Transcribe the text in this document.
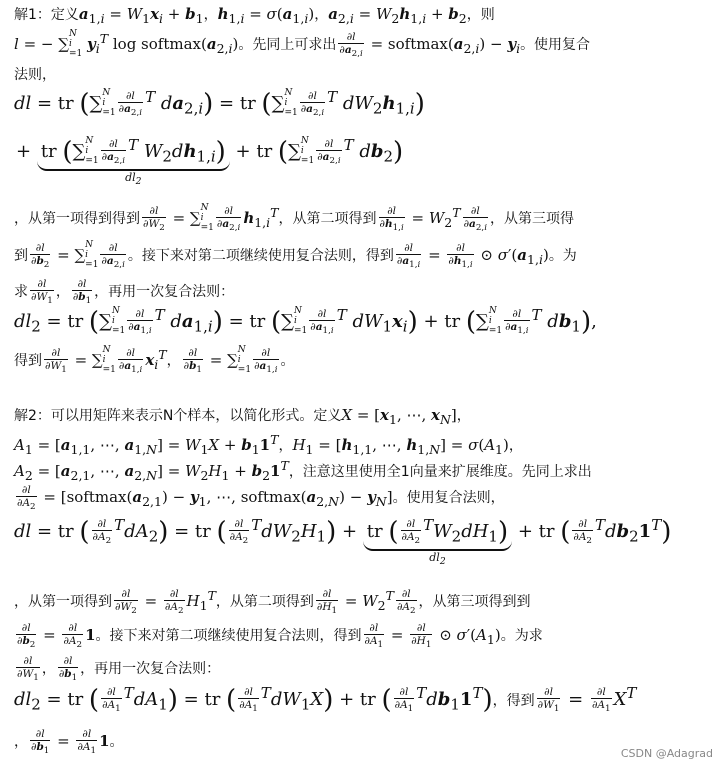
解1：定义$a_{1,i} = W_1x_i + b_1$，$h_{1,i} = \sigma(a_{1,i})$，$a_{2,i} = W_2h_{1,i} + b_2$，则
l = − ∑
N
i
=1
$y_i^T$ $\log softmax(a_{2,i})$。先同上可求出 $\frac{\partial l}{\partial a_{2,i}}$ = $softmax(a_{2,i}) - y_i$。使用复合
法则，
dl = tr (∑ N
i
$=1 \frac{\partial l}{\partial a_{2,i}} ^T$ $da_{2,i}$) = tr (∑ N
i
$=1 \frac{\partial l}{\partial a_{2,i}} ^T$ $dW_2h_{1,i}$)
+ tr (∑ N
i
$=1 \frac{\partial l}{\partial a_{2,i}} ^T$ $W_2dh_{1,i}$)
$dl_2$
+ tr (∑ N
i
$=1 \frac{\partial l}{\partial a_{2,i}} ^T$ $db_2$)
，从第一项得到得到 $\frac{\partial l}{\partial W_2}$ = ∑
N
i
$=1 \frac{\partial l}{\partial a_{2,i}} h_{1,i}^T$，从第二项得到 $\frac{\partial l}{\partial h_{1,i}} = W_2^T \frac{\partial l}{\partial a_{2,i}}$ ，从第三项得
到 $\frac{\partial l}{\partial b_2}$ = ∑
N
i
$=1 \frac{\partial l}{\partial a_{2,i}}$ 。接下来对第二项继续使用复合法则，得到 $\frac{\partial l}{\partial a_{1,i}} = \frac{\partial l}{\partial h_{1,i}}$ ⊙ $\sigma'(a_{1,i})$。为
求 $\frac{\partial l}{\partial W_1}$ ， $\frac{\partial l}{\partial b_1}$ ，再用一次复合法则：
$dl_2$ = tr (∑ N
i
$=1 \frac{\partial l}{\partial a_{1,i}} ^T$ $da_{1,i}$) = tr (∑ N
i
$=1 \frac{\partial l}{\partial a_{1,i}} ^T$ $dW_1x_i$) + tr (∑ N
i
$=1 \frac{\partial l}{\partial a_{1,i}} ^T$ $db_1$),
得到 $\frac{\partial l}{\partial W_1}$ = ∑
N
i
$=1 \frac{\partial l}{\partial a_{1,i}} x_i^T$， $\frac{\partial l}{\partial b_1}$ = ∑
N
i
$=1 \frac{\partial l}{\partial a_{1,i}}$ 。
解2：可以用矩阵来表示N个样本，以简化形式。定义$X = [x_1$, ⋯, $x_N$]，
$A_1 = [a_{1,1}$, ⋯, $a_{1,N}] = W_1X + b_11^T$，$H_1 = [h_{1,1}$, ⋯, $h_{1,N}] = \sigma(A_1)$，
$A_2 = [a_{2,1}$, ⋯, $a_{2,N}] = W_2H_1 + b_21^T$，注意这里使用全1向量来扩展维度。先同上求出
$\frac{\partial l}{\partial A_2}$ = [$softmax(a_{2,1}) - y_1$, ⋯, $softmax(a_{2,N}) - y_N$]。使用复合法则，
dl = tr ( $\frac{\partial l}{\partial A_2} ^TdA_2$) = tr ( $\frac{\partial l}{\partial A_2} ^TdW_2H_1$) + tr ( $\frac{\partial l}{\partial A_2} ^TW_2dH_1$)
$dl_2$
+ tr ( $\frac{\partial l}{\partial A_2} ^Tdb_21^T$)
，从第一项得到 $\frac{\partial l}{\partial W_2} = \frac{\partial l}{\partial A_2} H_1^T$，从第二项得到 $\frac{\partial l}{\partial H_1} = W_2^T \frac{\partial l}{\partial A_2}$ ，从第三项得到到
$\frac{\partial l}{\partial b_2} = \frac{\partial l}{\partial A_2} 1$。接下来对第二项继续使用复合法则，得到 $\frac{\partial l}{\partial A_1} = \frac{\partial l}{\partial H_1}$ ⊙ $\sigma'(A_1)$。为求
$\frac{\partial l}{\partial W_1}$ ， $\frac{\partial l}{\partial b_1}$ ，再用一次复合法则：
$dl_2$ = tr ( $\frac{\partial l}{\partial A_1} ^TdA_1$) = tr ( $\frac{\partial l}{\partial A_1} ^TdW_1X$) + tr ( $\frac{\partial l}{\partial A_1} ^Tdb_11^T$)，得到 $\frac{\partial l}{\partial W_1} = \frac{\partial l}{\partial A_1} X^T$
， $\frac{\partial l}{\partial b_1} = \frac{\partial l}{\partial A_1} 1$。
CSDN @Adagrad
